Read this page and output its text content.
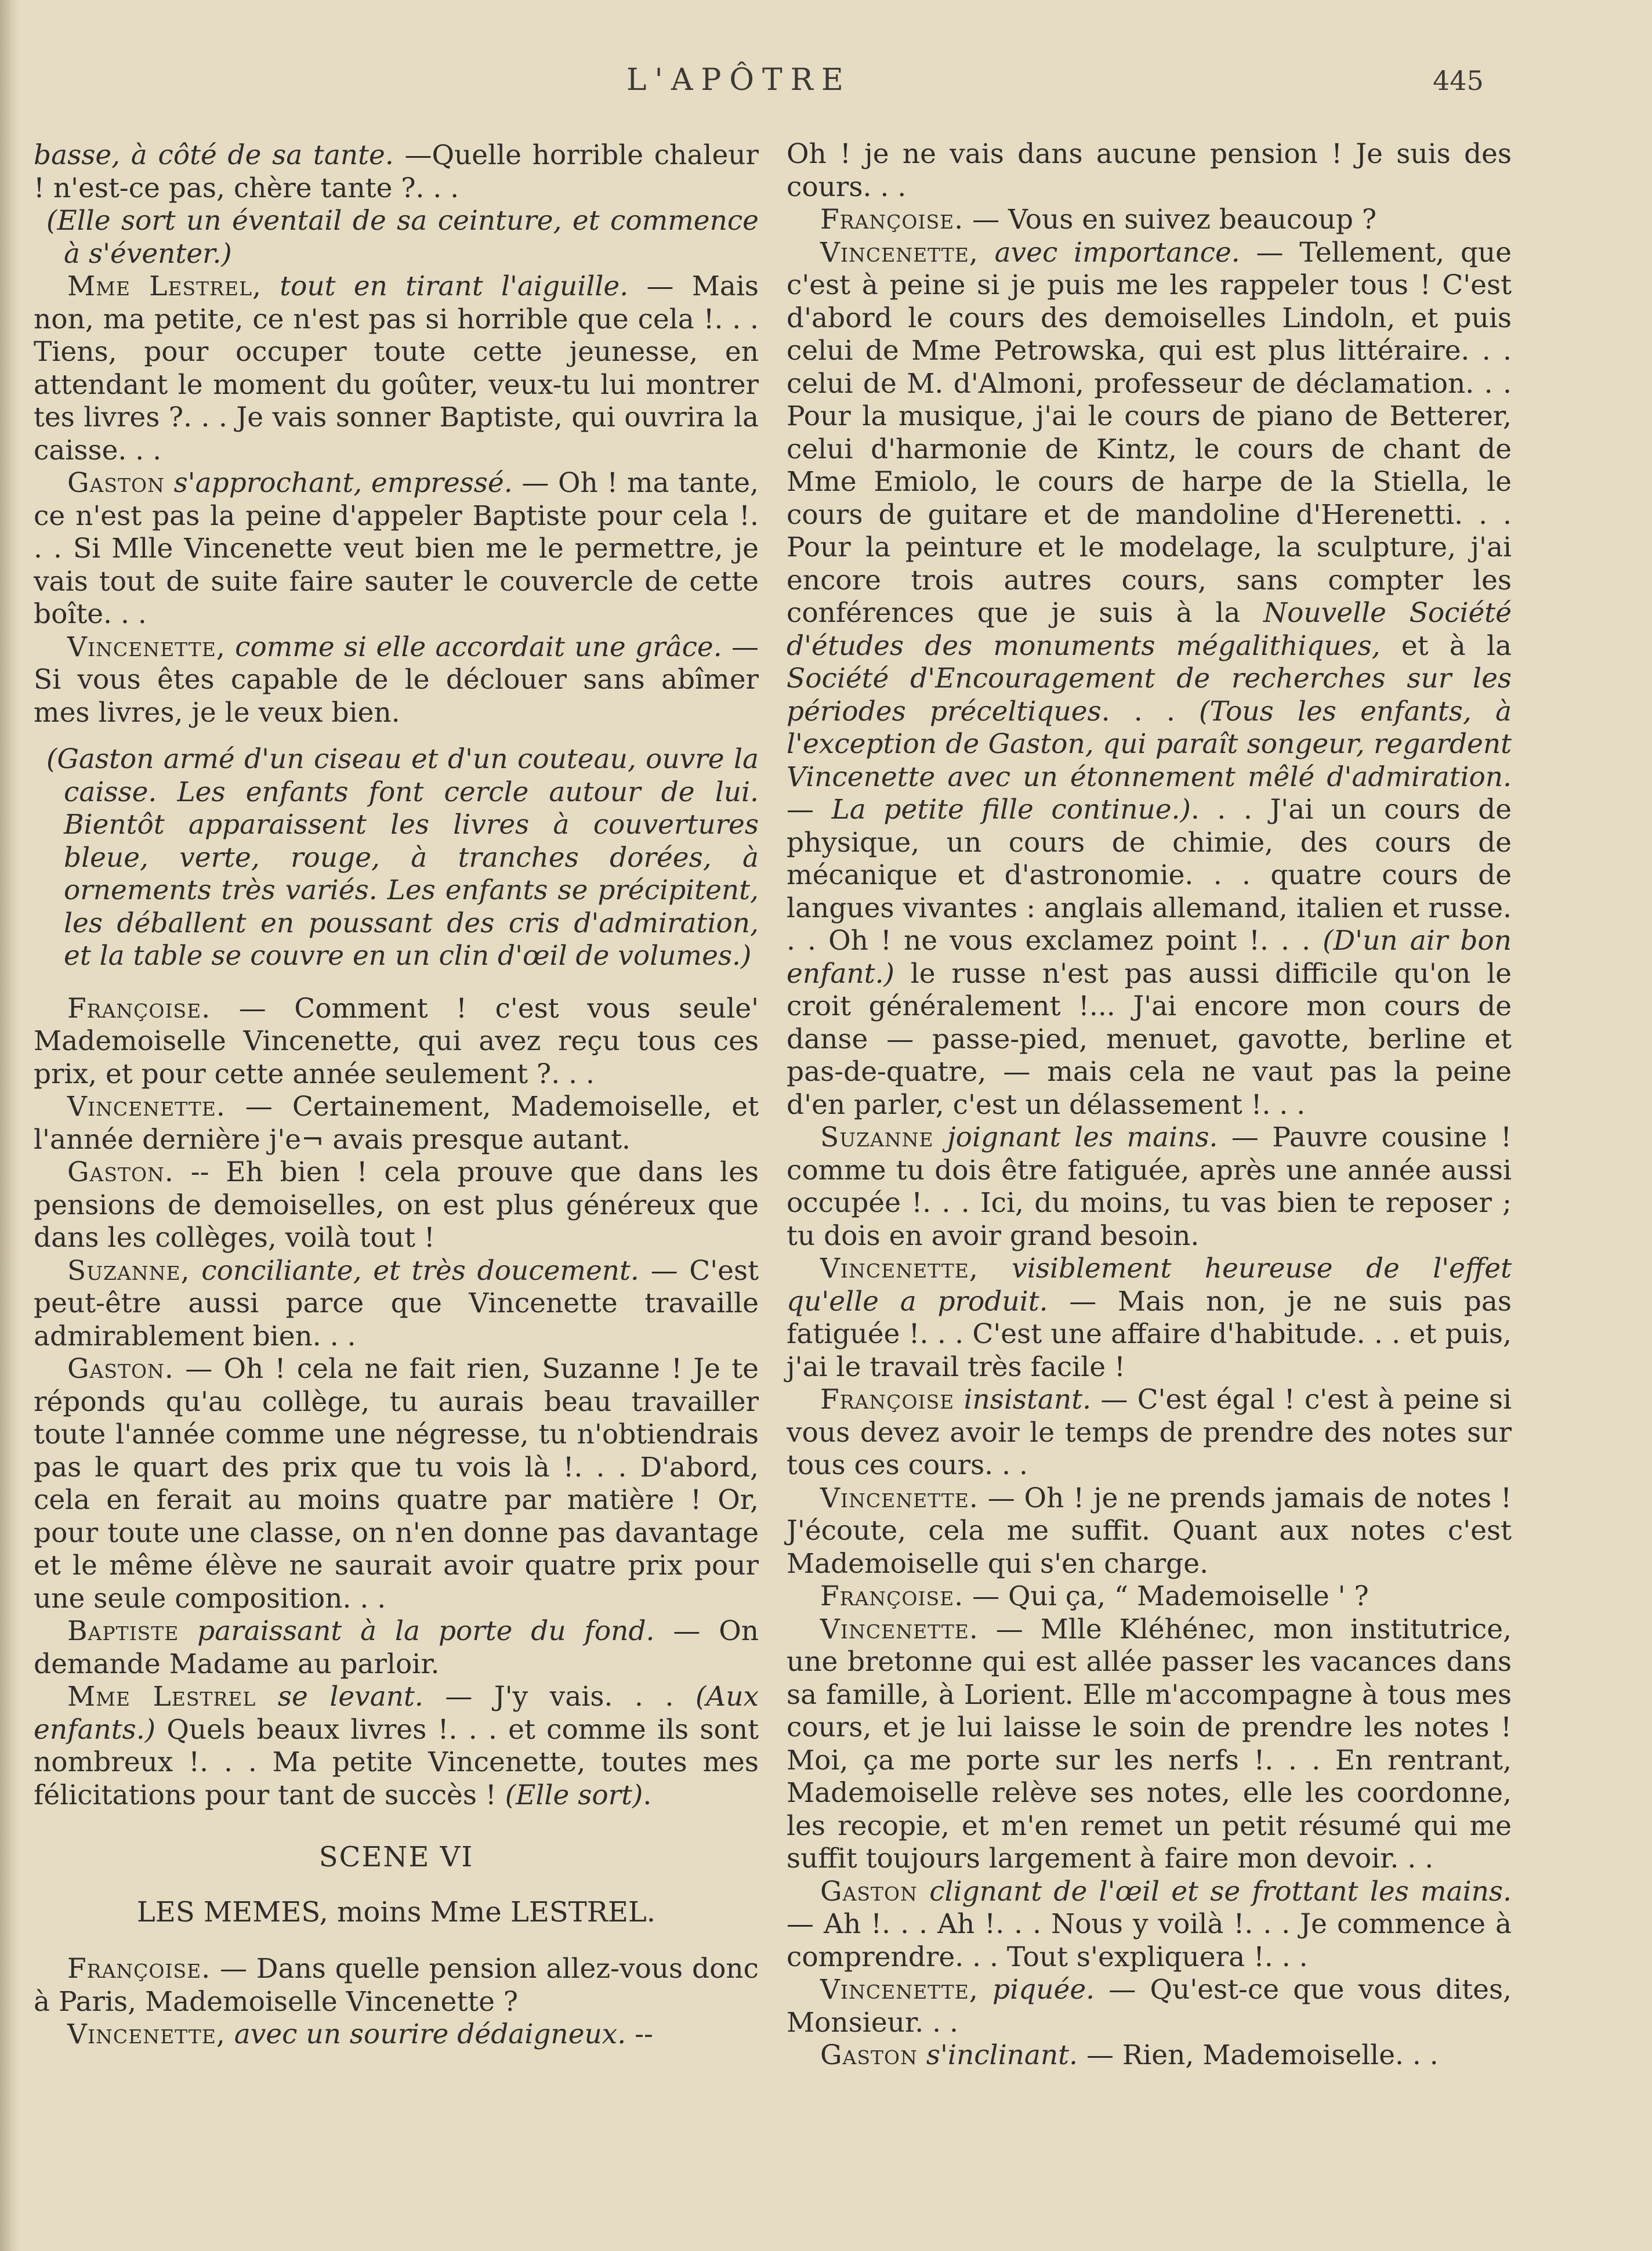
L'APÔTRE	445

basse, à côté de sa tante. —Quelle horrible chaleur ! n'est-ce pas, chère tante ?. . .

(Elle sort un éventail de sa ceinture, et commence à s'éventer.)

Mme Lestrel, tout en tirant l'aiguille. — Mais non, ma petite, ce n'est pas si horrible que cela !. . . Tiens, pour occuper toute cette jeunesse, en attendant le moment du goûter, veux-tu lui montrer tes livres ?. . . Je vais sonner Baptiste, qui ouvrira la caisse. . .

Gaston s'approchant, empressé. — Oh ! ma tante, ce n'est pas la peine d'appeler Baptiste pour cela !. . . Si Mlle Vincenette veut bien me le permettre, je vais tout de suite faire sauter le couvercle de cette boîte. . .

Vincenette, comme si elle accordait une grâce. — Si vous êtes capable de le déclouer sans abîmer mes livres, je le veux bien.

(Gaston armé d'un ciseau et d'un couteau, ouvre la caisse. Les enfants font cercle autour de lui. Bientôt apparaissent les livres à couvertures bleue, verte, rouge, à tranches dorées, à ornements très variés. Les enfants se précipitent, les déballent en poussant des cris d'admiration, et la table se couvre en un clin d'œil de volumes.)

Françoise. — Comment ! c'est vous seule' Mademoiselle Vincenette, qui avez reçu tous ces prix, et pour cette année seulement ?. . .

Vincenette. — Certainement, Mademoiselle, et l'année dernière j'e¬ avais presque autant.

Gaston. -- Eh bien ! cela prouve que dans les pensions de demoiselles, on est plus généreux que dans les collèges, voilà tout !

Suzanne, conciliante, et très doucement. — C'est peut-être aussi parce que Vincenette travaille admirablement bien. . .

Gaston. — Oh ! cela ne fait rien, Suzanne ! Je te réponds qu'au collège, tu aurais beau travailler toute l'année comme une négresse, tu n'obtiendrais pas le quart des prix que tu vois là !. . . D'abord, cela en ferait au moins quatre par matière ! Or, pour toute une classe, on n'en donne pas davantage et le même élève ne saurait avoir quatre prix pour une seule composition. . .

Baptiste paraissant à la porte du fond. — On demande Madame au parloir.

Mme Lestrel se levant. — J'y vais. . . (Aux enfants.) Quels beaux livres !. . . et comme ils sont nombreux !. . . Ma petite Vincenette, toutes mes félicitations pour tant de succès ! (Elle sort).

SCENE VI

LES MEMES, moins Mme LESTREL.

Françoise. — Dans quelle pension allez-vous donc à Paris, Mademoiselle Vincenette ?

Vincenette, avec un sourire dédaigneux. --

Oh ! je ne vais dans aucune pension ! Je suis des cours. . .

Françoise. — Vous en suivez beaucoup ?

Vincenette, avec importance. — Tellement, que c'est à peine si je puis me les rappeler tous ! C'est d'abord le cours des demoiselles Lindoln, et puis celui de Mme Petrowska, qui est plus littéraire. . . celui de M. d'Almoni, professeur de déclamation. . . Pour la musique, j'ai le cours de piano de Betterer, celui d'harmonie de Kintz, le cours de chant de Mme Emiolo, le cours de harpe de la Stiella, le cours de guitare et de mandoline d'Herenetti. . . Pour la peinture et le modelage, la sculpture, j'ai encore trois autres cours, sans compter les conférences que je suis à la Nouvelle Société d'études des monuments mégalithiques, et à la Société d'Encouragement de recherches sur les périodes préceltiques. . . (Tous les enfants, à l'exception de Gaston, qui paraît songeur, regardent Vincenette avec un étonnement mêlé d'admiration. — La petite fille continue.). . . J'ai un cours de physique, un cours de chimie, des cours de mécanique et d'astronomie. . . quatre cours de langues vivantes : anglais allemand, italien et russe. . . Oh ! ne vous exclamez point !. . . (D'un air bon enfant.) le russe n'est pas aussi difficile qu'on le croit généralement !... J'ai encore mon cours de danse — passe-pied, menuet, gavotte, berline et pas-de-quatre, — mais cela ne vaut pas la peine d'en parler, c'est un délassement !. . .

Suzanne joignant les mains. — Pauvre cousine ! comme tu dois être fatiguée, après une année aussi occupée !. . . Ici, du moins, tu vas bien te reposer ; tu dois en avoir grand besoin.

Vincenette, visiblement heureuse de l'effet qu'elle a produit. — Mais non, je ne suis pas fatiguée !. . . C'est une affaire d'habitude. . . et puis, j'ai le travail très facile !

Françoise insistant. — C'est égal ! c'est à peine si vous devez avoir le temps de prendre des notes sur tous ces cours. . .

Vincenette. — Oh ! je ne prends jamais de notes ! J'écoute, cela me suffit. Quant aux notes c'est Mademoiselle qui s'en charge.

Françoise. — Qui ça, “ Mademoiselle ' ?

Vincenette. — Mlle Kléhénec, mon institutrice, une bretonne qui est allée passer les vacances dans sa famille, à Lorient. Elle m'accompagne à tous mes cours, et je lui laisse le soin de prendre les notes ! Moi, ça me porte sur les nerfs !. . . En rentrant, Mademoiselle relève ses notes, elle les coordonne, les recopie, et m'en remet un petit résumé qui me suffit toujours largement à faire mon devoir. . .

Gaston clignant de l'œil et se frottant les mains. — Ah !. . . Ah !. . . Nous y voilà !. . . Je commence à comprendre. . . Tout s'expliquera !. . .

Vincenette, piquée. — Qu'est-ce que vous dites, Monsieur. . .

Gaston s'inclinant. — Rien, Mademoiselle. . .
